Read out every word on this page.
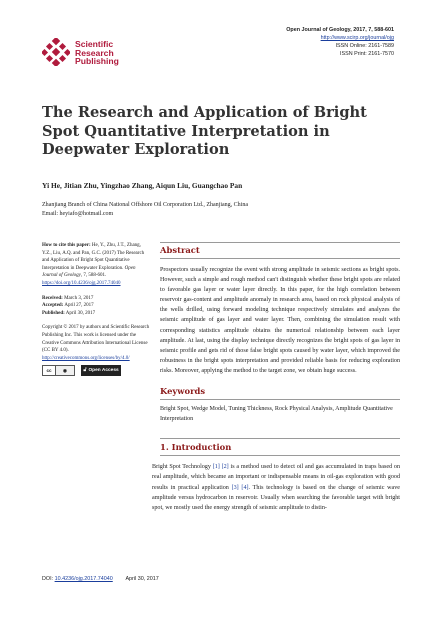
Scientific
Research
Publishing
Open Journal of Geology, 2017, 7, 588-601
http://www.scirp.org/journal/ojg
ISSN Online: 2161-7589
ISSN Print: 2161-7570
The Research and Application of Bright Spot Quantitative Interpretation in Deepwater Exploration
Yi He, Jitian Zhu, Yingzhao Zhang, Aiqun Liu, Guangchao Pan
Zhanjiang Branch of China National Offshore Oil Corporation Ltd., Zhanjiang, China
Email: heyiafo@hotmail.com
How to cite this paper: He, Y., Zhu, J.T., Zhang, Y.Z., Liu, A.Q. and Pan, G.C. (2017) The Research and Application of Bright Spot Quantitative Interpretation in Deepwater Exploration. Open Journal of Geology, 7, 588-601.
https://doi.org/10.4236/ojg.2017.74040
Received: March 3, 2017
Accepted: April 27, 2017
Published: April 30, 2017
Copyright © 2017 by authors and Scientific Research Publishing Inc. This work is licensed under the Creative Commons Attribution International License (CC BY 4.0).
http://creativecommons.org/licenses/by/4.0/
cc	◉	🔓︎ Open Access
Abstract
Prospectors usually recognize the event with strong amplitude in seismic sections as bright spots. However, such a simple and rough method can't distinguish whether these bright spots are related to favorable gas layer or water layer directly. In this paper, for the high correlation between reservoir gas-content and amplitude anomaly in research area, based on rock physical analysis of the wells drilled, using forward modeling technique respectively simulates and analyzes the seismic amplitude of gas layer and water layer. Then, combining the simulation result with corresponding statistics amplitude obtains the numerical relationship between each layer amplitude. At last, using the display technique directly recognizes the bright spots of gas layer in seismic profile and gets rid of those false bright spots caused by water layer, which improved the robustness in the bright spots interpretation and provided reliable basis for reducing exploration risks. Moreover, applying the method to the target zone, we obtain huge success.
Keywords
Bright Spot, Wedge Model, Tuning Thickness, Rock Physical Analysis, Amplitude Quantitative Interpretation
1. Introduction
Bright Spot Technology [1] [2] is a method used to detect oil and gas accumulated in traps based on real amplitude, which became an important or indispensable means in oil-gas exploration with good results in practical application [3] [4]. This technology is based on the change of seismic wave amplitude versus hydrocarbon in reservoir. Usually when searching the favorable target with bright spot, we mostly used the energy strength of seismic amplitude to distin-
DOI: 10.4236/ojg.2017.74040 April 30, 2017
